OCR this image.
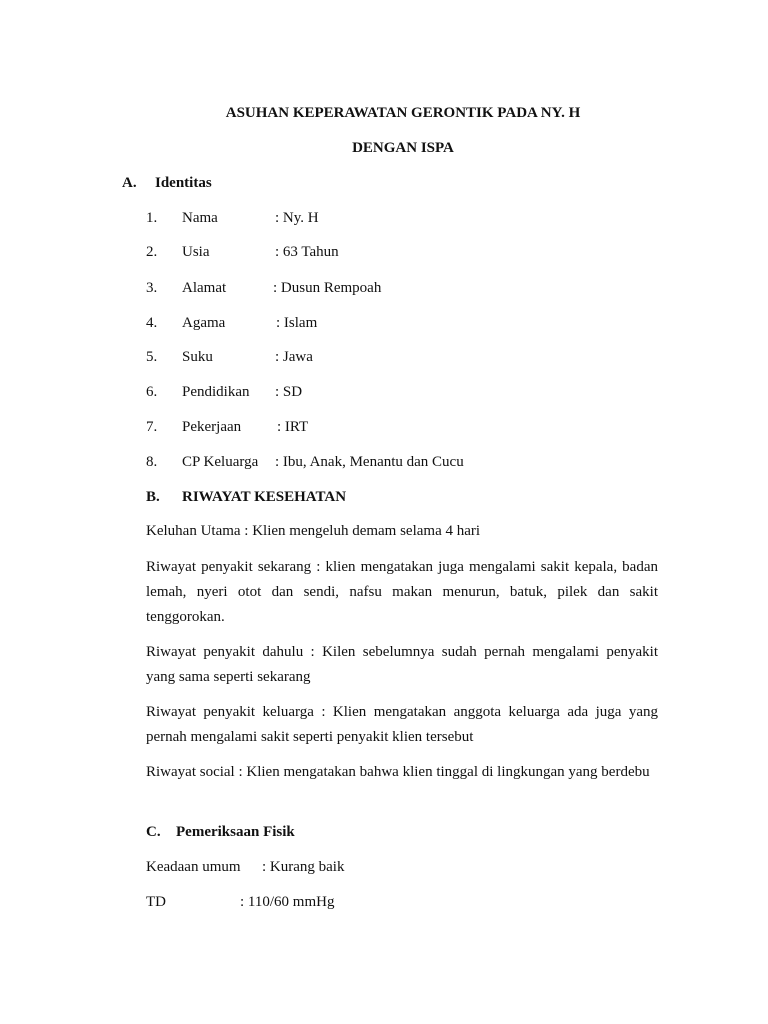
ASUHAN KEPERAWATAN GERONTIK PADA NY. H
DENGAN ISPA
A. Identitas
1. Nama	: Ny. H
2. Usia	: 63 Tahun
3. Alamat	: Dusun Rempoah
4. Agama	: Islam
5. Suku	: Jawa
6. Pendidikan : SD
7. Pekerjaan : IRT
8. CP Keluarga : Ibu, Anak, Menantu dan Cucu
B. RIWAYAT KESEHATAN
Keluhan Utama : Klien mengeluh demam selama 4 hari
Riwayat penyakit sekarang : klien mengatakan juga mengalami sakit kepala, badan lemah, nyeri otot dan sendi, nafsu makan menurun, batuk, pilek dan sakit tenggorokan.
Riwayat penyakit dahulu : Kilen sebelumnya sudah pernah mengalami penyakit yang sama seperti sekarang
Riwayat penyakit keluarga : Klien mengatakan anggota keluarga ada juga yang pernah mengalami sakit seperti penyakit klien tersebut
Riwayat social : Klien mengatakan bahwa klien tinggal di lingkungan yang berdebu
C. Pemeriksaan Fisik
Keadaan umum : Kurang baik
TD	: 110/60 mmHg
